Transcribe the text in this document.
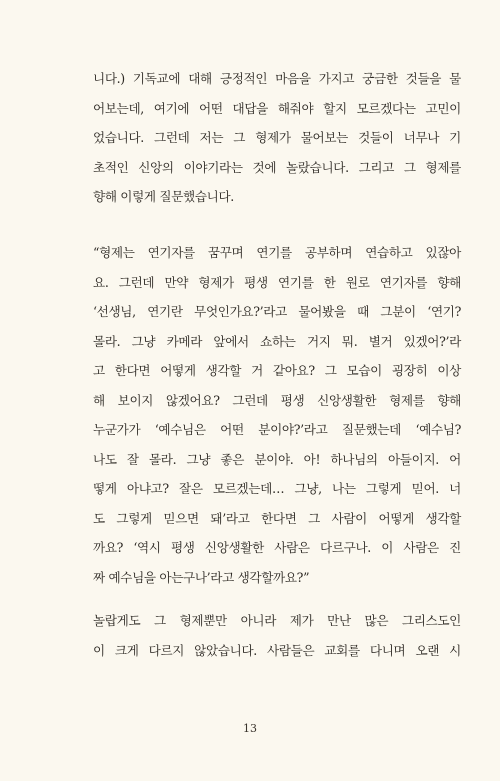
니다.) 기독교에 대해 긍정적인 마음을 가지고 궁금한 것들을 물
어보는데, 여기에 어떤 대답을 해줘야 할지 모르겠다는 고민이
었습니다. 그런데 저는 그 형제가 물어보는 것들이 너무나 기
초적인 신앙의 이야기라는 것에 놀랐습니다. 그리고 그 형제를
향해 이렇게 질문했습니다.
“형제는 연기자를 꿈꾸며 연기를 공부하며 연습하고 있잖아
요. 그런데 만약 형제가 평생 연기를 한 원로 연기자를 향해
‘선생님, 연기란 무엇인가요?’라고 물어봤을 때 그분이 ‘연기?
몰라. 그냥 카메라 앞에서 쇼하는 거지 뭐. 별거 있겠어?’라
고 한다면 어떻게 생각할 거 같아요? 그 모습이 굉장히 이상
해 보이지 않겠어요? 그런데 평생 신앙생활한 형제를 향해
누군가가 ‘예수님은 어떤 분이야?’라고 질문했는데 ‘예수님?
나도 잘 몰라. 그냥 좋은 분이야. 아! 하나님의 아들이지. 어
떻게 아냐고? 잘은 모르겠는데… 그냥, 나는 그렇게 믿어. 너
도 그렇게 믿으면 돼’라고 한다면 그 사람이 어떻게 생각할
까요? ‘역시 평생 신앙생활한 사람은 다르구나. 이 사람은 진
짜 예수님을 아는구나’라고 생각할까요?”
놀랍게도 그 형제뿐만 아니라 제가 만난 많은 그리스도인
이 크게 다르지 않았습니다. 사람들은 교회를 다니며 오랜 시
13
